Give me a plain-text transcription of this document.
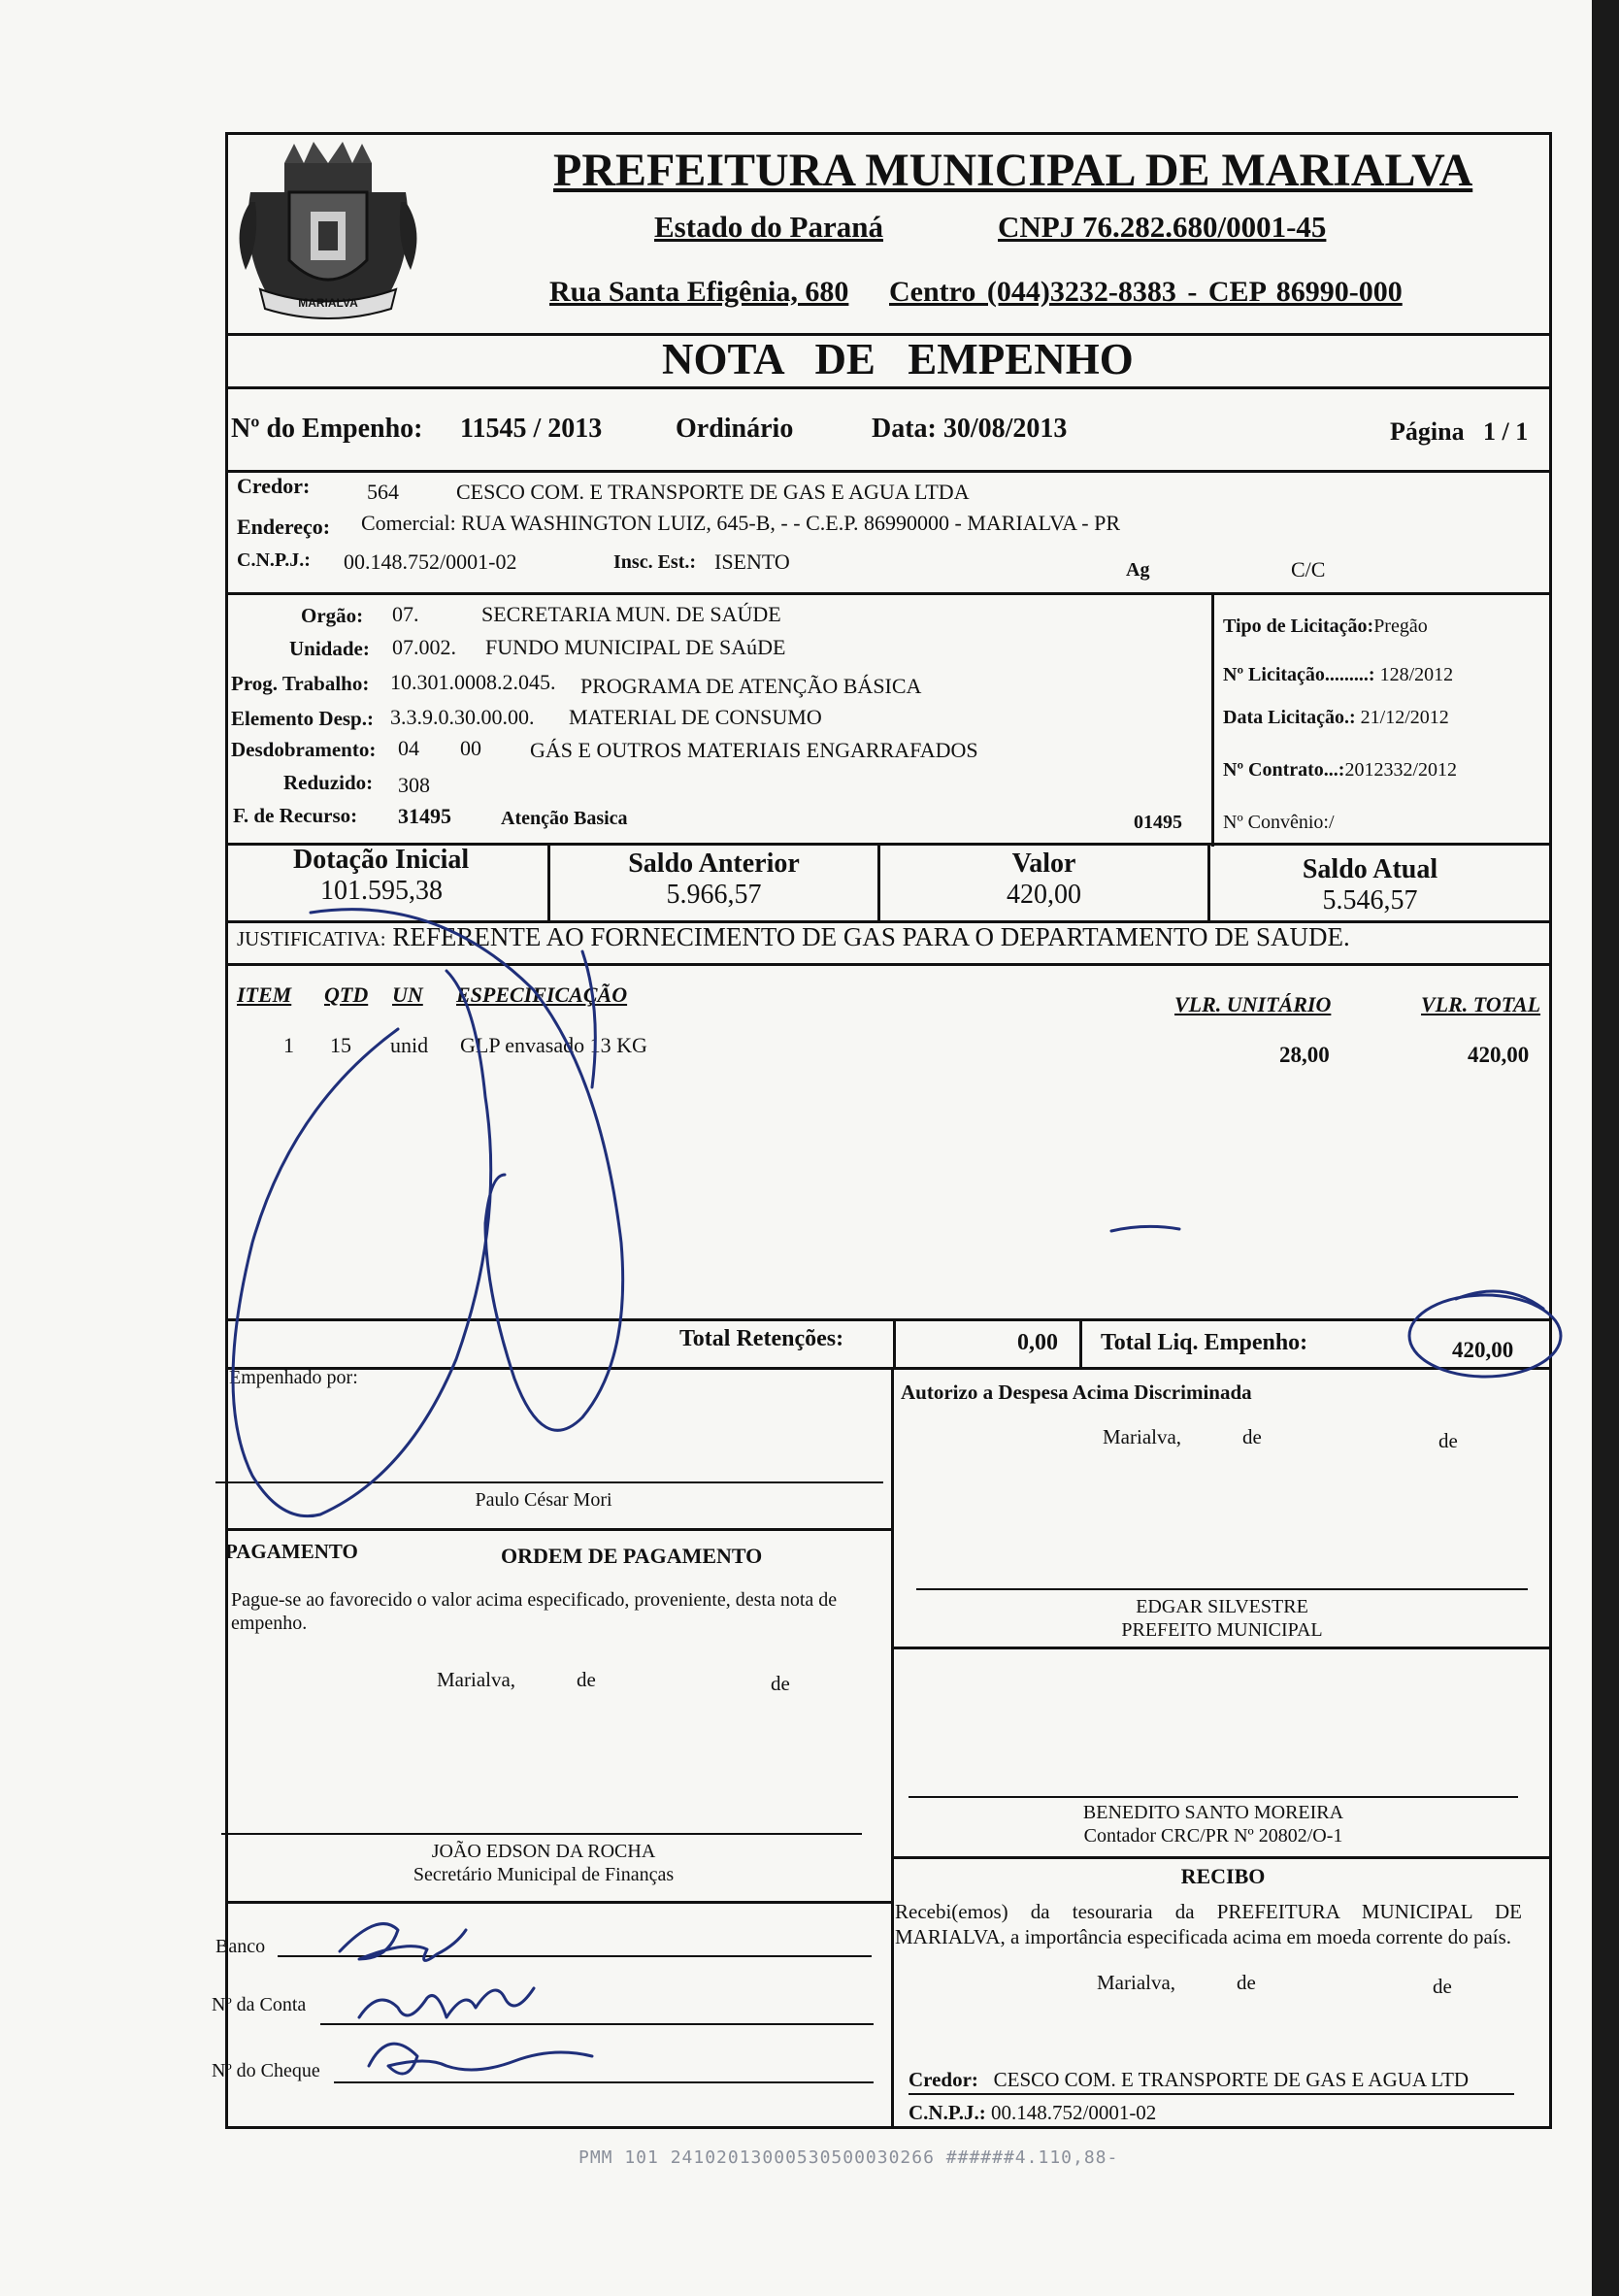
MARIALVA
PREFEITURA MUNICIPAL DE MARIALVA
Estado do Paraná	CNPJ 76.282.680/0001-45
Rua Santa Efigênia, 680 Centro (044)3232-8383 - CEP 86990-000
NOTA DE EMPENHO
Nº do Empenho: 11545 / 2013	Ordinário	Data: 30/08/2013	Página 1 / 1
Credor:	564	CESCO COM. E TRANSPORTE DE GAS E AGUA LTDA
Endereço: Comercial: RUA WASHINGTON LUIZ, 645-B, - - C.E.P. 86990000 - MARIALVA - PR
C.N.P.J.: 00.148.752/0001-02	Insc. Est.: ISENTO	Ag	C/C
Orgão: 07.	SECRETARIA MUN. DE SAÚDE
Unidade: 07.002. FUNDO MUNICIPAL DE SAúDE
Prog. Trabalho: 10.301.0008.2.045. PROGRAMA DE ATENÇÃO BÁSICA
Elemento Desp.: 3.3.9.0.30.00.00. MATERIAL DE CONSUMO
Desdobramento: 04 00 GÁS E OUTROS MATERIAIS ENGARRAFADOS
Reduzido: 308
F. de Recurso: 31495	Atenção Basica	01495
Tipo de Licitação:Pregão
Nº Licitação.........: 128/2012
Data Licitação.: 21/12/2012
Nº Contrato...:2012332/2012
Nº Convênio:/
Dotação Inicial
101.595,38
Saldo Anterior
5.966,57
Valor
420,00
Saldo Atual
5.546,57
JUSTIFICATIVA: REFERENTE AO FORNECIMENTO DE GAS PARA O DEPARTAMENTO DE SAUDE.
ITEM QTD UN ESPECIFICAÇÃO	VLR. UNITÁRIO	VLR. TOTAL
1 15 unid GLP envasado 13 KG	28,00	420,00
Total Retenções:	0,00 Total Liq. Empenho:	420,00
Empenhado por:
Paulo César Mori
Autorizo a Despesa Acima Discriminada
Marialva,	de	de
EDGAR SILVESTRE
PREFEITO MUNICIPAL
PAGAMENTO	ORDEM DE PAGAMENTO
Pague-se ao favorecido o valor acima especificado, proveniente, desta nota de empenho.
Marialva,	de	de
JOÃO EDSON DA ROCHA
Secretário Municipal de Finanças
BENEDITO SANTO MOREIRA
Contador CRC/PR Nº 20802/O-1
RECIBO
Recebi(emos) da tesouraria da PREFEITURA MUNICIPAL DE MARIALVA, a importância especificada acima em moeda corrente do país.
Marialva,	de	de
Credor: CESCO COM. E TRANSPORTE DE GAS E AGUA LTD
C.N.P.J.: 00.148.752/0001-02
Banco
Nº da Conta
Nº do Cheque
PMM 101 24102013000530500030266 ######4.110,88-
